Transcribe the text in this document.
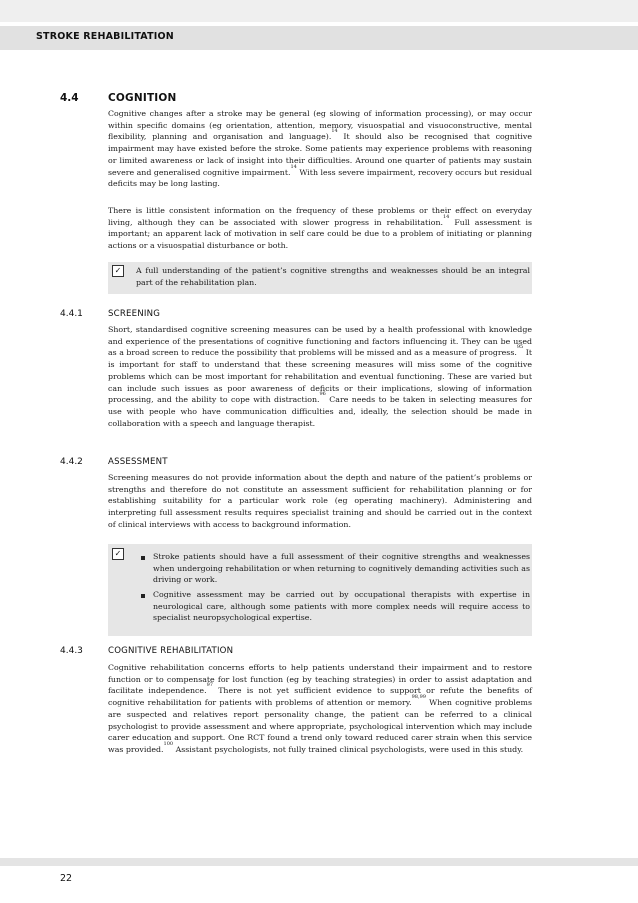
STROKE REHABILITATION
4.4	COGNITION

Cognitive changes after a stroke may be general (eg slowing of information processing), or may occur within specific domains (eg orientation, attention, memory, visuospatial and visuoconstructive, mental flexibility, planning and organisation and language).$^{14}$ It should also be recognised that cognitive impairment may have existed before the stroke. Some patients may experience problems with reasoning or limited awareness or lack of insight into their difficulties. Around one quarter of patients may sustain severe and generalised cognitive impairment.$^{14}$ With less severe impairment, recovery occurs but residual deficits may be long lasting.

There is little consistent information on the frequency of these problems or their effect on everyday living, although they can be associated with slower progress in rehabilitation.$^{14}$ Full assessment is important; an apparent lack of motivation in self care could be due to a problem of initiating or planning actions or a visuospatial disturbance or both.

✓	A full understanding of the patient’s cognitive strengths and weaknesses should be an integral part of the rehabilitation plan.

4.4.1	SCREENING

Short, standardised cognitive screening measures can be used by a health professional with knowledge and experience of the presentations of cognitive functioning and factors influencing it. They can be used as a broad screen to reduce the possibility that problems will be missed and as a measure of progress.$^{95}$ It is important for staff to understand that these screening measures will miss some of the cognitive problems which can be most important for rehabilitation and eventual functioning. These are varied but can include such issues as poor awareness of deficits or their implications, slowing of information processing, and the ability to cope with distraction.$^{96}$ Care needs to be taken in selecting measures for use with people who have communication difficulties and, ideally, the selection should be made in collaboration with a speech and language therapist.

4.4.2	ASSESSMENT

Screening measures do not provide information about the depth and nature of the patient’s problems or strengths and therefore do not constitute an assessment sufficient for rehabilitation planning or for establishing suitability for a particular work role (eg operating machinery). Administering and interpreting full assessment results requires specialist training and should be carried out in the context of clinical interviews with access to background information.

✓	Stroke patients should have a full assessment of their cognitive strengths and weaknesses when undergoing rehabilitation or when returning to cognitively demanding activities such as driving or work.

Cognitive assessment may be carried out by occupational therapists with expertise in neurological care, although some patients with more complex needs will require access to specialist neuropsychological expertise.

4.4.3	COGNITIVE REHABILITATION

Cognitive rehabilitation concerns efforts to help patients understand their impairment and to restore function or to compensate for lost function (eg by teaching strategies) in order to assist adaptation and facilitate independence.$^{97}$ There is not yet sufficient evidence to support or refute the benefits of cognitive rehabilitation for patients with problems of attention or memory.$^{98,99}$ When cognitive problems are suspected and relatives report personality change, the patient can be referred to a clinical psychologist to provide assessment and where appropriate, psychological intervention which may include carer education and support. One RCT found a trend only toward reduced carer strain when this service was provided.$^{100}$ Assistant psychologists, not fully trained clinical psychologists, were used in this study.

22
